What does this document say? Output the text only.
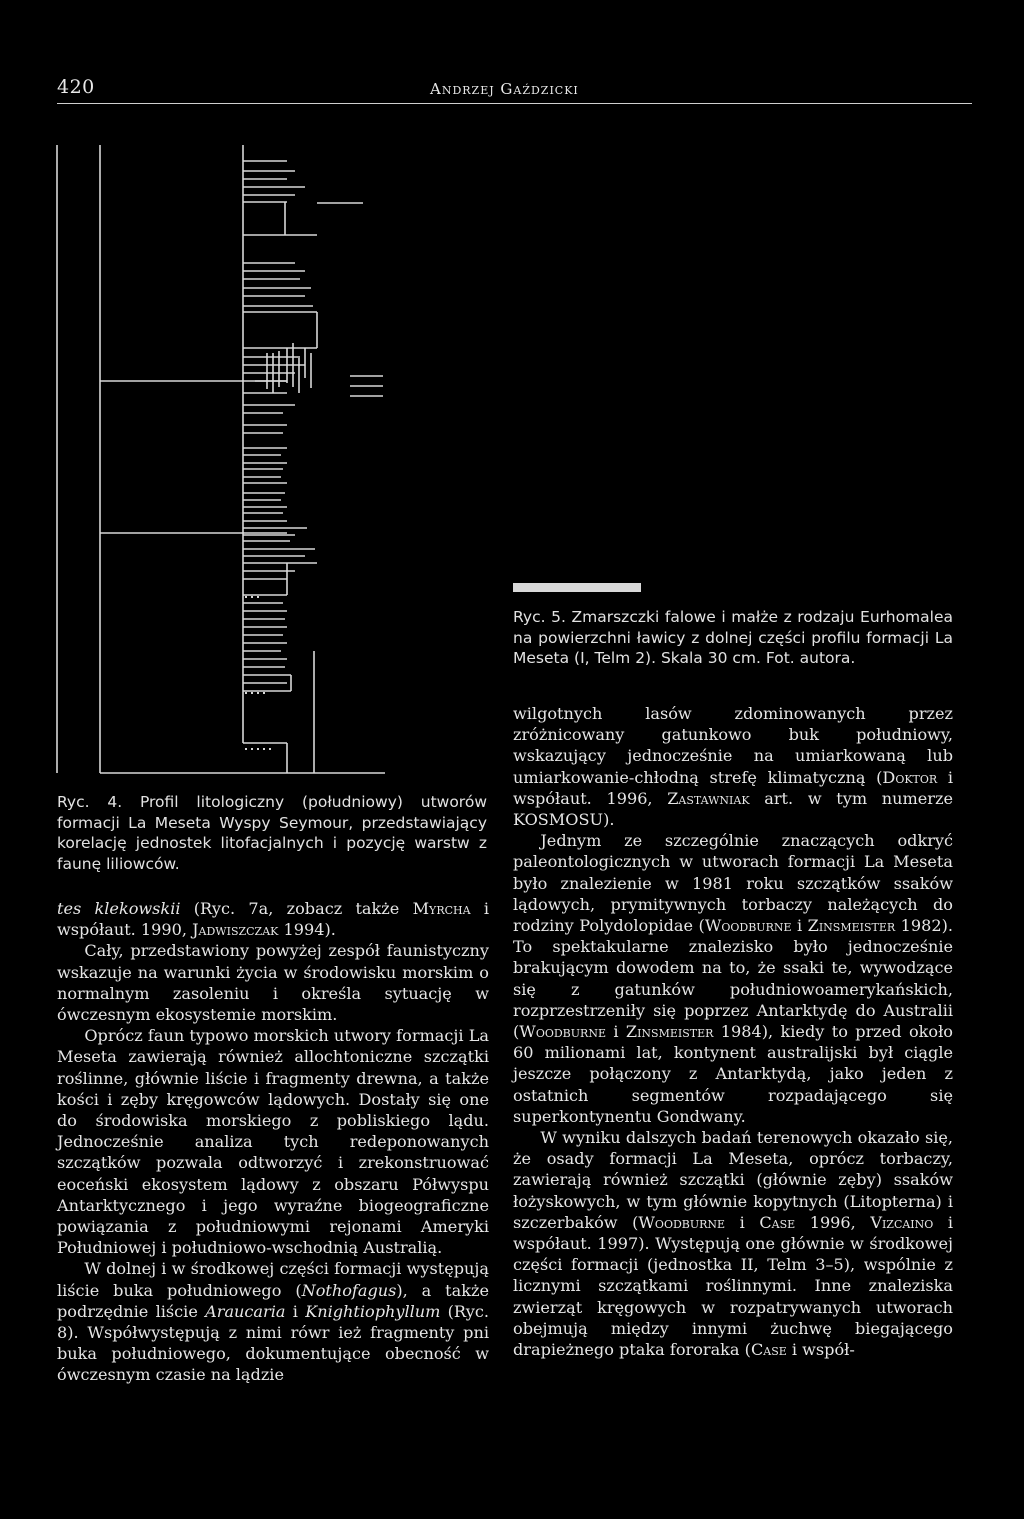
420	Andrzej Gaździcki
Ryc. 4. Profil litologiczny (południowy) utworów formacji La Meseta Wyspy Seymour, przedstawiający korelację jednostek litofacjalnych i pozycję warstw z faunę liliowców.
Ryc. 5. Zmarszczki falowe i małże z rodzaju Eurhomalea na powierzchni ławicy z dolnej części profilu formacji La Meseta (I, Telm 2). Skala 30 cm. Fot. autora.

tes klekowskii (Ryc. 7a, zobacz także Myrcha i współaut. 1990, Jadwiszczak 1994).

Cały, przedstawiony powyżej zespół faunistyczny wskazuje na warunki życia w środowisku morskim o normalnym zasoleniu i określa sytuację w ówczesnym ekosystemie morskim.

Oprócz faun typowo morskich utwory formacji La Meseta zawierają również allochtoniczne szczątki roślinne, głównie liście i fragmenty drewna, a także kości i zęby kręgowców lądowych. Dostały się one do środowiska morskiego z pobliskiego lądu. Jednocześnie analiza tych redeponowanych szczątków pozwala odtworzyć i zrekonstruować eoceński ekosystem lądowy z obszaru Półwyspu Antarktycznego i jego wyraźne biogeograficzne powiązania z południowymi rejonami Ameryki Południowej i południowo-wschodnią Australią.

W dolnej i w środkowej części formacji występują liście buka południowego (Nothofagus), a także podrzędnie liście Araucaria i Knightiophyllum (Ryc. 8). Współwystępują z nimi rówr ież fragmenty pni buka południowego, dokumentujące obecność w ówczesnym czasie na lądzie

wilgotnych lasów zdominowanych przez zróżnicowany gatunkowo buk południowy, wskazujący jednocześnie na umiarkowaną lub umiarkowanie-chłodną strefę klimatyczną (Doktor i współaut. 1996, Zastawniak art. w tym numerze KOSMOSU).

Jednym ze szczególnie znaczących odkryć paleontologicznych w utworach formacji La Meseta było znalezienie w 1981 roku szczątków ssaków lądowych, prymitywnych torbaczy należących do rodziny Polydolopidae (Woodburne i Zinsmeister 1982). To spektakularne znalezisko było jednocześnie brakującym dowodem na to, że ssaki te, wywodzące się z gatunków południowoamerykańskich, rozprzestrzeniły się poprzez Antarktydę do Australii (Woodburne i Zinsmeister 1984), kiedy to przed około 60 milionami lat, kontynent australijski był ciągle jeszcze połączony z Antarktydą, jako jeden z ostatnich segmentów rozpadającego się superkontynentu Gondwany.

W wyniku dalszych badań terenowych okazało się, że osady formacji La Meseta, oprócz torbaczy, zawierają również szczątki (głównie zęby) ssaków łożyskowych, w tym głównie kopytnych (Litopterna) i szczerbaków (Woodburne i Case 1996, Vizcaino i współaut. 1997). Występują one głównie w środkowej części formacji (jednostka II, Telm 3–5), wspólnie z licznymi szczątkami roślinnymi. Inne znaleziska zwierząt kręgowych w rozpatrywanych utworach obejmują między innymi żuchwę biegającego drapieżnego ptaka fororaka (Case i współ-
